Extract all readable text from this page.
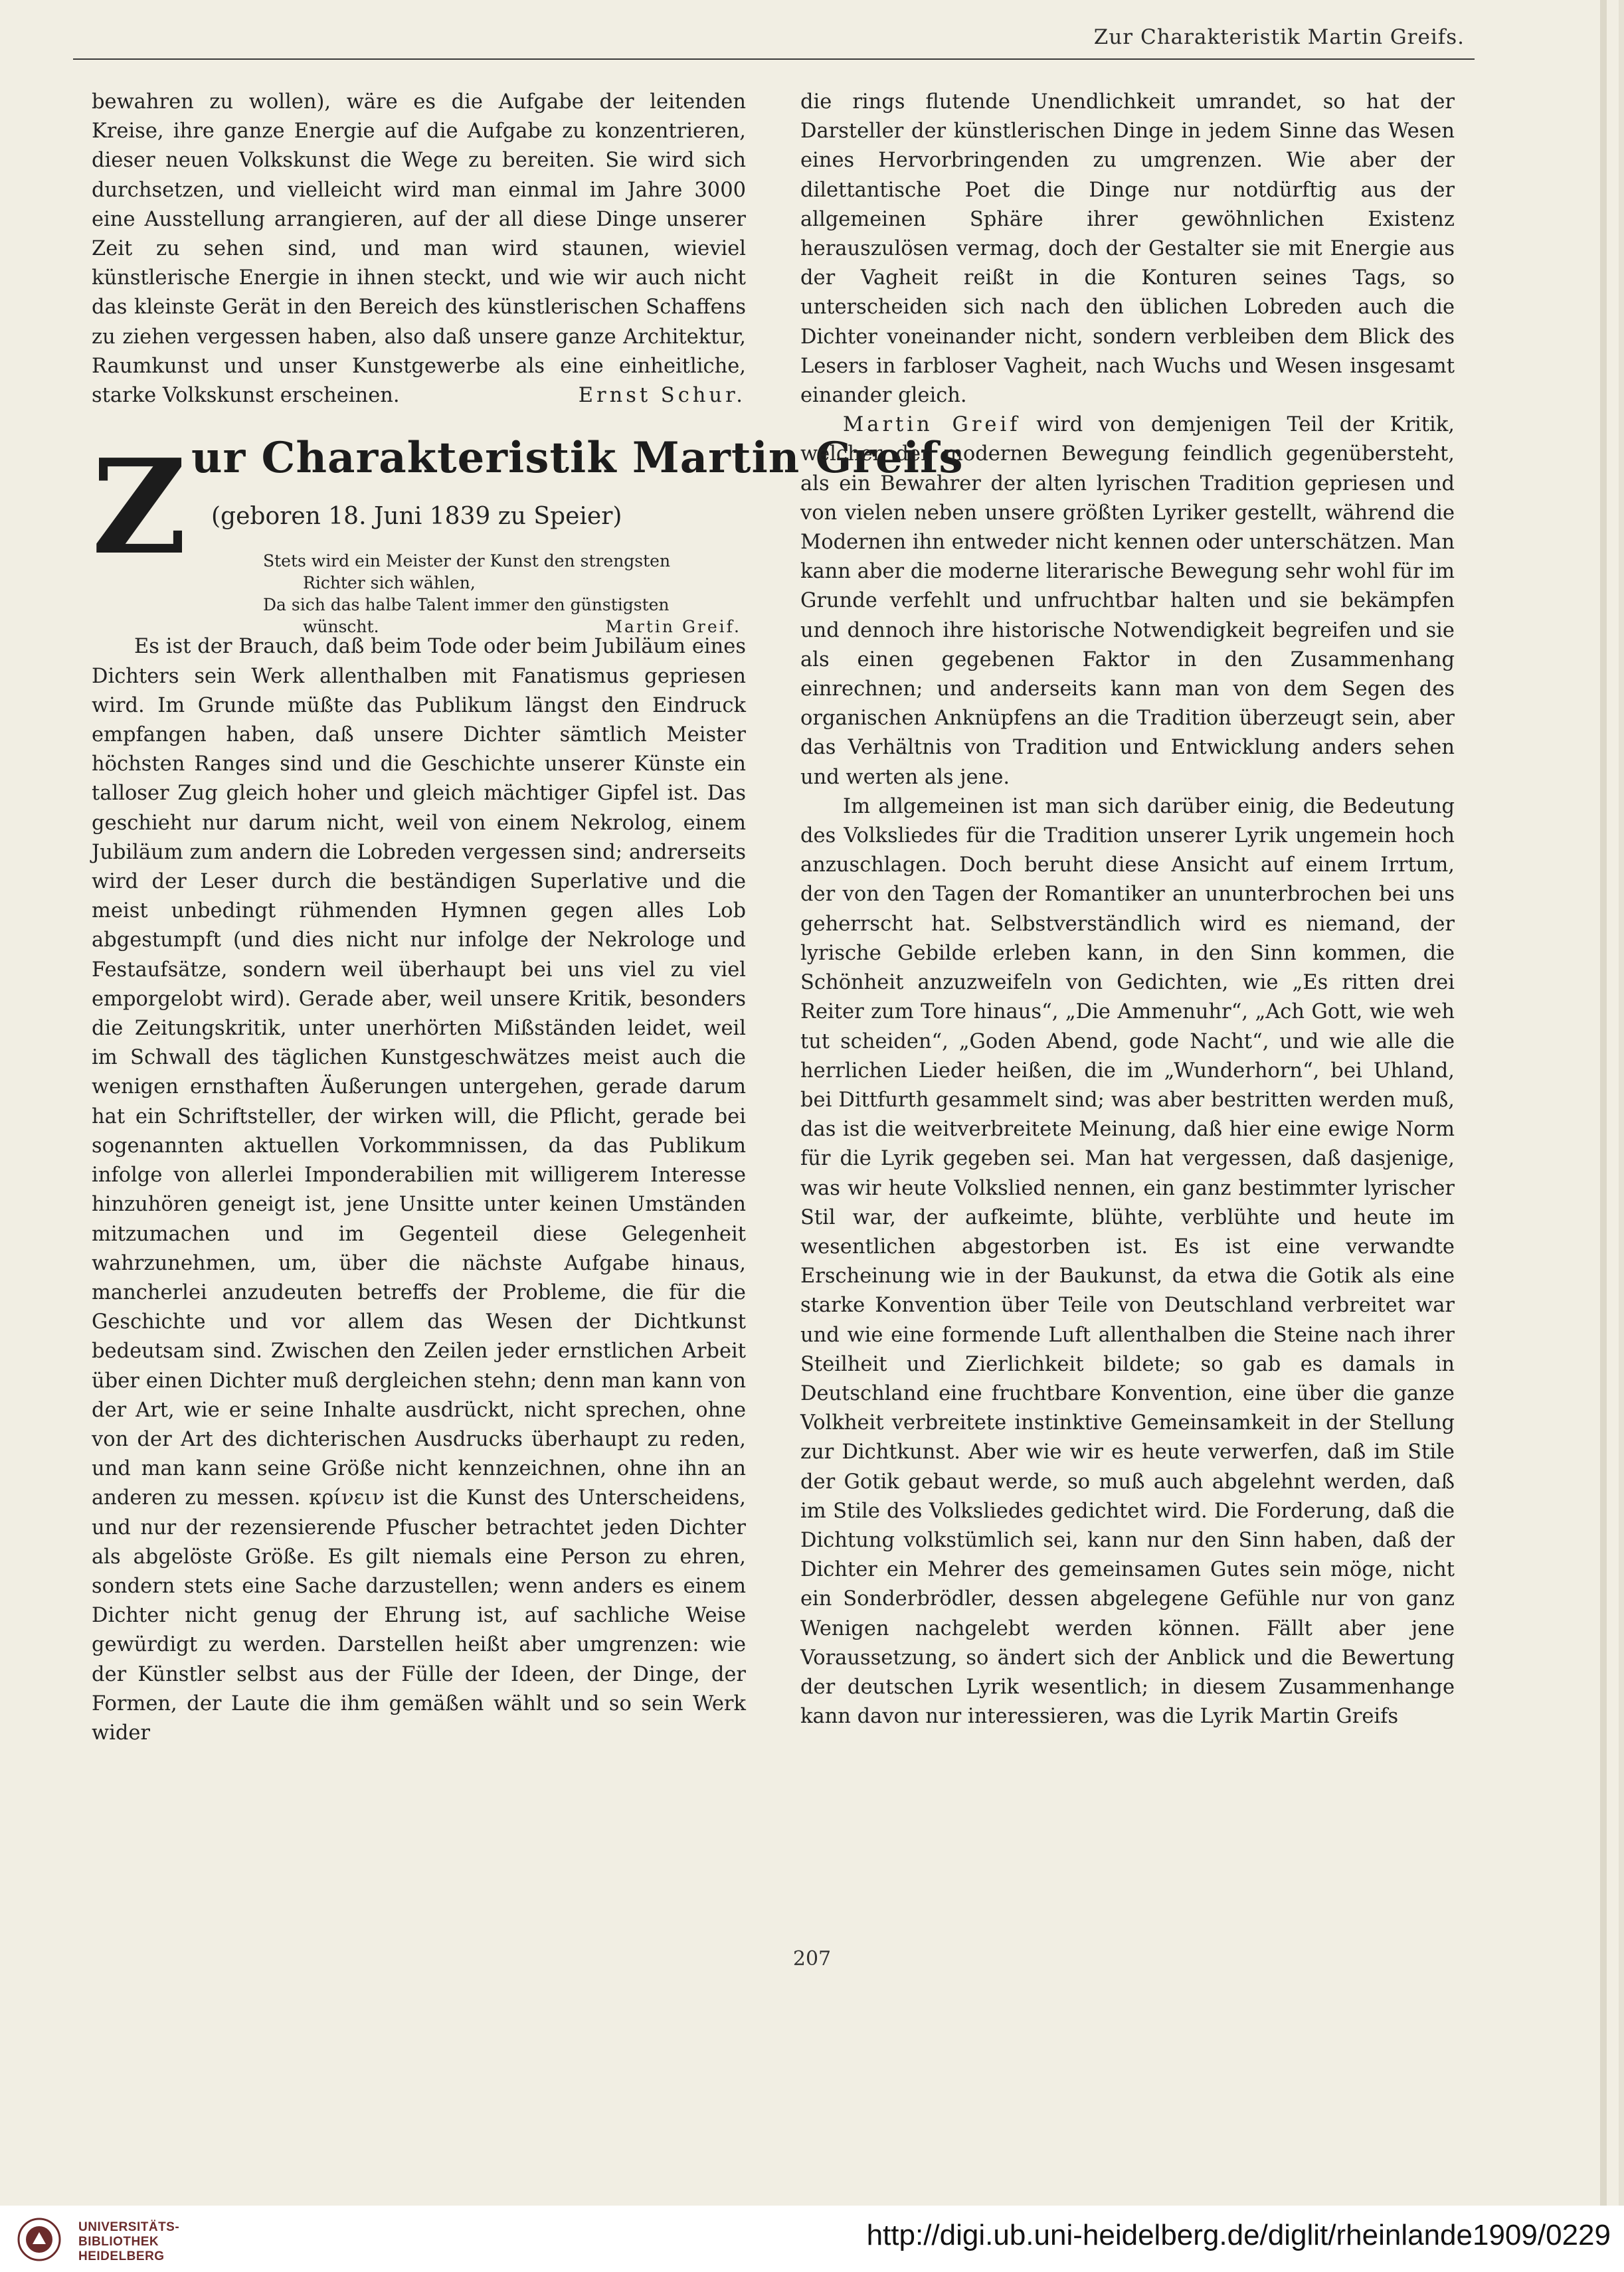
Zur Charakteristik Martin Greifs.

bewahren zu wollen), wäre es die Aufgabe der leitenden Kreise, ihre ganze Energie auf die Aufgabe zu konzentrieren, dieser neuen Volkskunst die Wege zu bereiten. Sie wird sich durchsetzen, und vielleicht wird man einmal im Jahre 3000 eine Ausstellung arrangieren, auf der all diese Dinge unserer Zeit zu sehen sind, und man wird staunen, wieviel künstlerische Energie in ihnen steckt, und wie wir auch nicht das kleinste Gerät in den Bereich des künstlerischen Schaffens zu ziehen vergessen haben, also daß unsere ganze Architektur, Raumkunst und unser Kunstgewerbe als eine einheitliche, starke Volkskunst erscheinen.	Ernst Schur.
Z ur Charakteristik Martin Greifs
(geboren 18. Juni 1839 zu Speier)
Stets wird ein Meister der Kunst den strengsten
Richter sich wählen,
Da sich das halbe Talent immer den günstigsten
wünscht.	Martin Greif.

Es ist der Brauch, daß beim Tode oder beim Jubiläum eines Dichters sein Werk allenthalben mit Fanatismus gepriesen wird. Im Grunde müßte das Publikum längst den Eindruck empfangen haben, daß unsere Dichter sämtlich Meister höchsten Ranges sind und die Geschichte unserer Künste ein talloser Zug gleich hoher und gleich mächtiger Gipfel ist. Das geschieht nur darum nicht, weil von einem Nekrolog, einem Jubiläum zum andern die Lobreden vergessen sind; andrerseits wird der Leser durch die beständigen Superlative und die meist unbedingt rühmenden Hymnen gegen alles Lob abgestumpft (und dies nicht nur infolge der Nekrologe und Festaufsätze, sondern weil überhaupt bei uns viel zu viel emporgelobt wird). Gerade aber, weil unsere Kritik, besonders die Zeitungskritik, unter unerhörten Mißständen leidet, weil im Schwall des täglichen Kunstgeschwätzes meist auch die wenigen ernsthaften Äußerungen untergehen, gerade darum hat ein Schriftsteller, der wirken will, die Pflicht, gerade bei sogenannten aktuellen Vorkommnissen, da das Publikum infolge von allerlei Imponderabilien mit willigerem Interesse hinzuhören geneigt ist, jene Unsitte unter keinen Umständen mitzumachen und im Gegenteil diese Gelegenheit wahrzunehmen, um, über die nächste Aufgabe hinaus, mancherlei anzudeuten betreffs der Probleme, die für die Geschichte und vor allem das Wesen der Dichtkunst bedeutsam sind. Zwischen den Zeilen jeder ernstlichen Arbeit über einen Dichter muß dergleichen stehn; denn man kann von der Art, wie er seine Inhalte ausdrückt, nicht sprechen, ohne von der Art des dichterischen Ausdrucks überhaupt zu reden, und man kann seine Größe nicht kennzeichnen, ohne ihn an anderen zu messen. κρίνειν ist die Kunst des Unterscheidens, und nur der rezensierende Pfuscher betrachtet jeden Dichter als abgelöste Größe. Es gilt niemals eine Person zu ehren, sondern stets eine Sache darzustellen; wenn anders es einem Dichter nicht genug der Ehrung ist, auf sachliche Weise gewürdigt zu werden. Darstellen heißt aber umgrenzen: wie der Künstler selbst aus der Fülle der Ideen, der Dinge, der Formen, der Laute die ihm gemäßen wählt und so sein Werk wider

die rings flutende Unendlichkeit umrandet, so hat der Darsteller der künstlerischen Dinge in jedem Sinne das Wesen eines Hervorbringenden zu umgrenzen. Wie aber der dilettantische Poet die Dinge nur notdürftig aus der allgemeinen Sphäre ihrer gewöhnlichen Existenz herauszulösen vermag, doch der Gestalter sie mit Energie aus der Vagheit reißt in die Konturen seines Tags, so unterscheiden sich nach den üblichen Lobreden auch die Dichter voneinander nicht, sondern verbleiben dem Blick des Lesers in farbloser Vagheit, nach Wuchs und Wesen insgesamt einander gleich.

Martin Greif wird von demjenigen Teil der Kritik, welcher der modernen Bewegung feindlich gegenübersteht, als ein Bewahrer der alten lyrischen Tradition gepriesen und von vielen neben unsere größten Lyriker gestellt, während die Modernen ihn entweder nicht kennen oder unterschätzen. Man kann aber die moderne literarische Bewegung sehr wohl für im Grunde verfehlt und unfruchtbar halten und sie bekämpfen und dennoch ihre historische Notwendigkeit begreifen und sie als einen gegebenen Faktor in den Zusammenhang einrechnen; und anderseits kann man von dem Segen des organischen Anknüpfens an die Tradition überzeugt sein, aber das Verhältnis von Tradition und Entwicklung anders sehen und werten als jene.

Im allgemeinen ist man sich darüber einig, die Bedeutung des Volksliedes für die Tradition unserer Lyrik ungemein hoch anzuschlagen. Doch beruht diese Ansicht auf einem Irrtum, der von den Tagen der Romantiker an ununterbrochen bei uns geherrscht hat. Selbstverständlich wird es niemand, der lyrische Gebilde erleben kann, in den Sinn kommen, die Schönheit anzuzweifeln von Gedichten, wie „Es ritten drei Reiter zum Tore hinaus“, „Die Ammenuhr“, „Ach Gott, wie weh tut scheiden“, „Goden Abend, gode Nacht“, und wie alle die herrlichen Lieder heißen, die im „Wunderhorn“, bei Uhland, bei Dittfurth gesammelt sind; was aber bestritten werden muß, das ist die weitverbreitete Meinung, daß hier eine ewige Norm für die Lyrik gegeben sei. Man hat vergessen, daß dasjenige, was wir heute Volkslied nennen, ein ganz bestimmter lyrischer Stil war, der aufkeimte, blühte, verblühte und heute im wesentlichen abgestorben ist. Es ist eine verwandte Erscheinung wie in der Baukunst, da etwa die Gotik als eine starke Konvention über Teile von Deutschland verbreitet war und wie eine formende Luft allenthalben die Steine nach ihrer Steilheit und Zierlichkeit bildete; so gab es damals in Deutschland eine fruchtbare Konvention, eine über die ganze Volkheit verbreitete instinktive Gemeinsamkeit in der Stellung zur Dichtkunst. Aber wie wir es heute verwerfen, daß im Stile der Gotik gebaut werde, so muß auch abgelehnt werden, daß im Stile des Volksliedes gedichtet wird. Die Forderung, daß die Dichtung volkstümlich sei, kann nur den Sinn haben, daß der Dichter ein Mehrer des gemeinsamen Gutes sein möge, nicht ein Sonderbrödler, dessen abgelegene Gefühle nur von ganz Wenigen nachgelebt werden können. Fällt aber jene Voraussetzung, so ändert sich der Anblick und die Bewertung der deutschen Lyrik wesentlich; in diesem Zusammenhange kann davon nur interessieren, was die Lyrik Martin Greifs

207
UNIVERSITÄTS-
BIBLIOTHEK
HEIDELBERG
http://digi.ub.uni-heidelberg.de/diglit/rheinlande1909/0229
